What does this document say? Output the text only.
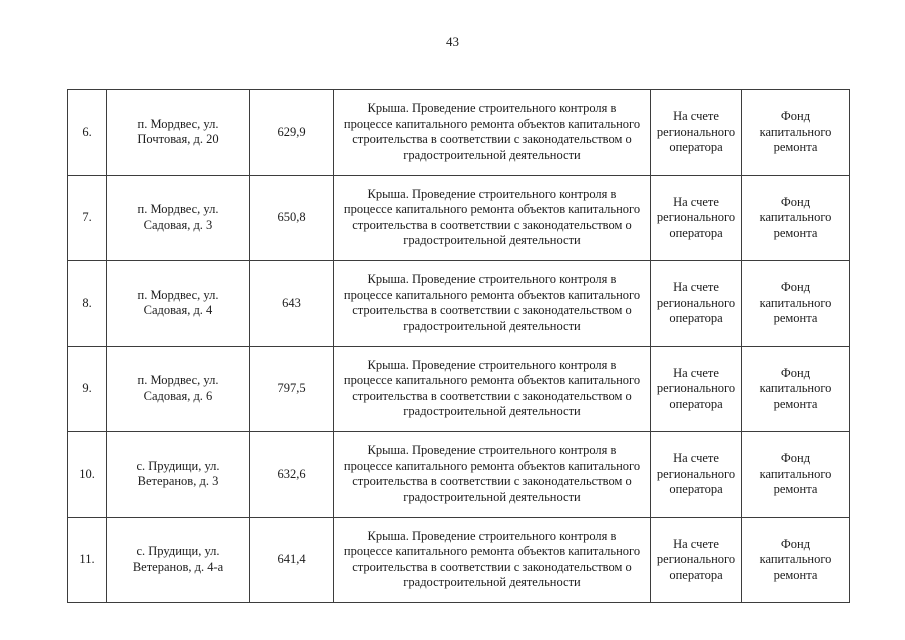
43
6.	п. Мордвес, ул.
Почтовая, д. 20	629,9	Крыша. Проведение строительного контроля в
процессе капитального ремонта объектов капитального
строительства в соответствии с законодательством о
градостроительной деятельности	На счете
регионального
оператора	Фонд
капитального
ремонта
7.	п. Мордвес, ул.
Садовая, д. 3	650,8	Крыша. Проведение строительного контроля в
процессе капитального ремонта объектов капитального
строительства в соответствии с законодательством о
градостроительной деятельности	На счете
регионального
оператора	Фонд
капитального
ремонта
8.	п. Мордвес, ул.
Садовая, д. 4	643	Крыша. Проведение строительного контроля в
процессе капитального ремонта объектов капитального
строительства в соответствии с законодательством о
градостроительной деятельности	На счете
регионального
оператора	Фонд
капитального
ремонта
9.	п. Мордвес, ул.
Садовая, д. 6	797,5	Крыша. Проведение строительного контроля в
процессе капитального ремонта объектов капитального
строительства в соответствии с законодательством о
градостроительной деятельности	На счете
регионального
оператора	Фонд
капитального
ремонта
10.	с. Прудищи, ул.
Ветеранов, д. 3	632,6	Крыша. Проведение строительного контроля в
процессе капитального ремонта объектов капитального
строительства в соответствии с законодательством о
градостроительной деятельности	На счете
регионального
оператора	Фонд
капитального
ремонта
11.	с. Прудищи, ул.
Ветеранов, д. 4-а	641,4	Крыша. Проведение строительного контроля в
процессе капитального ремонта объектов капитального
строительства в соответствии с законодательством о
градостроительной деятельности	На счете
регионального
оператора	Фонд
капитального
ремонта
